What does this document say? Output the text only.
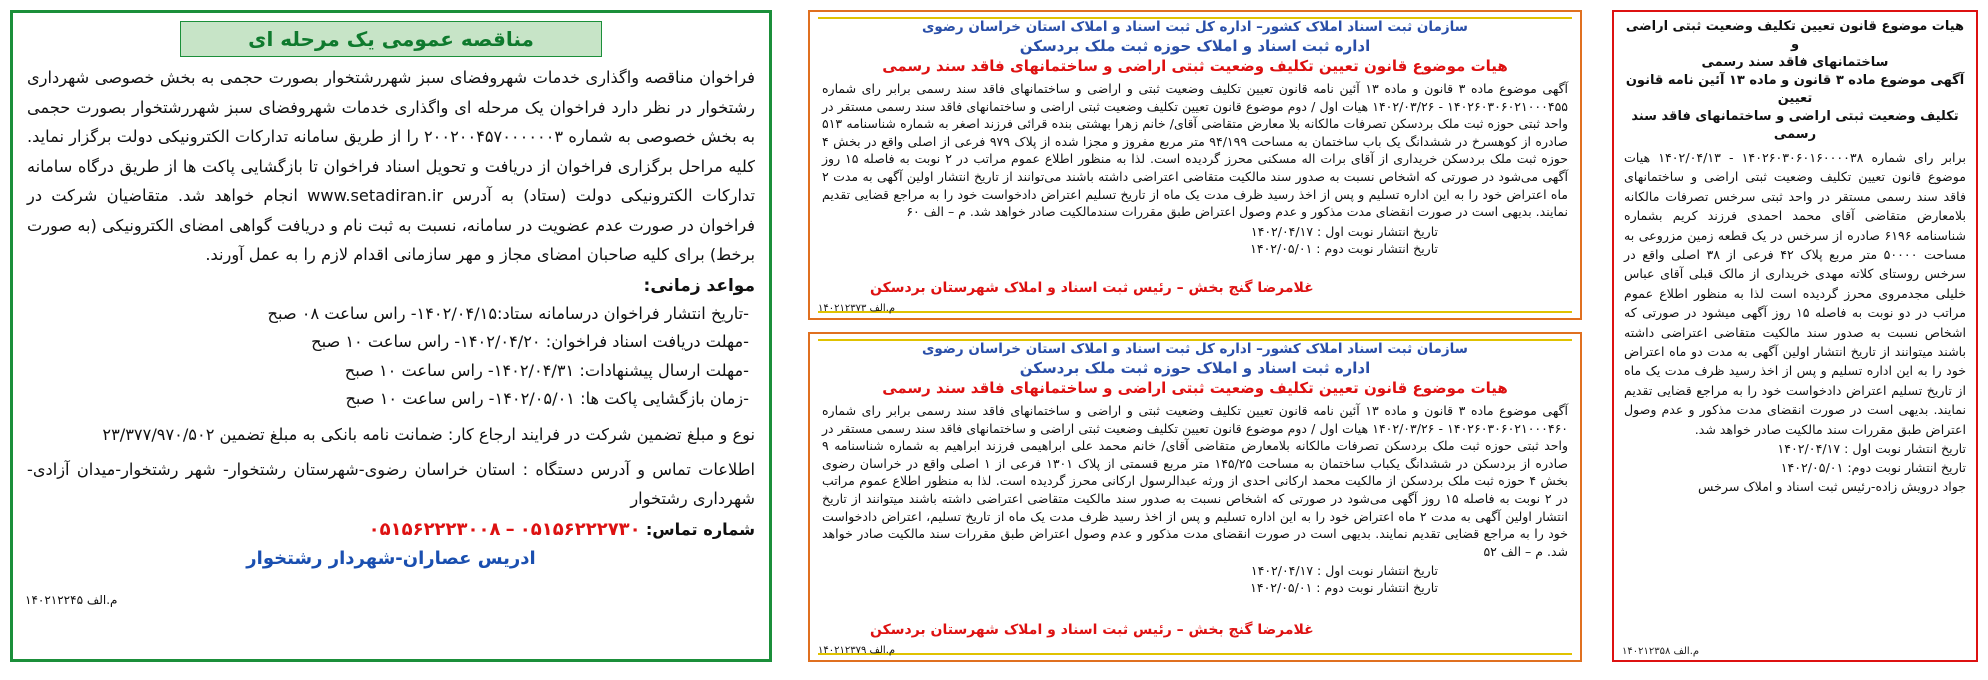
هیات موضوع قانون تعیین تکلیف وضعیت ثبتی اراضی و

ساختمانهای فاقد سند رسمی

آگهی موضوع ماده ۳ قانون و ماده ۱۳ آئین نامه قانون تعیین

تکلیف وضعیت ثبتی اراضی و ساختمانهای فاقد سند رسمی

برابر رای شماره ۱۴۰۲۶۰۳۰۶۰۱۶۰۰۰۰۳۸ - ۱۴۰۲/۰۴/۱۳ هیات موضوع قانون تعیین تکلیف وضعیت ثبتی اراضی و ساختمانهای فاقد سند رسمی مستقر در واحد ثبتی سرخس تصرفات مالکانه بلامعارض متقاضی آقای محمد احمدی فرزند کریم بشماره شناسنامه ۶۱۹۶ صادره از سرخس در یک قطعه زمین مزروعی به مساحت ۵۰۰۰۰ متر مربع پلاک ۴۲ فرعی از ۳۸ اصلی واقع در سرخس روستای کلاته مهدی خریداری از مالک قبلی آقای عباس خلیلی مجدمروی محرز گردیده است لذا به منظور اطلاع عموم مراتب در دو نوبت به فاصله ۱۵ روز آگهی میشود در صورتی که اشخاص نسبت به صدور سند مالکیت متقاضی اعتراضی داشته باشند میتوانند از تاریخ انتشار اولین آگهی به مدت دو ماه اعتراض خود را به این اداره تسلیم و پس از اخذ رسید ظرف مدت یک ماه از تاریخ تسلیم اعتراض دادخواست خود را به مراجع قضایی تقدیم نمایند. بدیهی است در صورت انقضای مدت مذکور و عدم وصول اعتراض طبق مقررات سند مالکیت صادر خواهد شد.

تاریخ انتشار نوبت اول : ۱۴۰۲/۰۴/۱۷

تاریخ انتشار نوبت دوم: ۱۴۰۲/۰۵/۰۱

جواد درویش زاده-رئیس ثبت اسناد و املاک سرخس

۱۴۰۲۱۲۳۵۸ م.الف

سازمان ثبت اسناد املاک کشور– اداره کل ثبت اسناد و املاک استان خراسان رضوی

اداره ثبت اسناد و املاک حوزه ثبت ملک بردسکن

هیات موضوع قانون تعیین تکلیف وضعیت ثبتی اراضی و ساختمانهای فاقد سند رسمی

آگهی موضوع ماده ۳ قانون و ماده ۱۳ آئین نامه قانون تعیین تکلیف وضعیت ثبتی و اراضی و ساختمانهای فاقد سند رسمی برابر رای شماره ۱۴۰۲۶۰۳۰۶۰۲۱۰۰۰۴۵۵ - ۱۴۰۲/۰۳/۲۶ هیات اول / دوم موضوع قانون تعیین تکلیف وضعیت ثبتی اراضی و ساختمانهای فاقد سند رسمی مستقر در واحد ثبتی حوزه ثبت ملک بردسکن تصرفات مالکانه بلا معارض متقاضی آقای/ خانم زهرا بهشتی بنده قرائی فرزند اصغر به شماره شناسنامه ۵۱۳ صادره از کوهسرخ در ششدانگ یک باب ساختمان به مساحت ۹۴/۱۹۹ متر مربع مفروز و مجزا شده از پلاک ۹۷۹ فرعی از اصلی واقع در بخش ۴ حوزه ثبت ملک بردسکن خریداری از آقای برات اله مسکنی محرز گردیده است. لذا به منظور اطلاع عموم مراتب در ۲ نوبت به فاصله ۱۵ روز آگهی می‌شود در صورتی که اشخاص نسبت به صدور سند مالکیت متقاضی اعتراضی داشته باشند می‌توانند از تاریخ انتشار اولین آگهی به مدت ۲ ماه اعتراض خود را به این اداره تسلیم و پس از اخذ رسید ظرف مدت یک ماه از تاریخ تسلیم اعتراض دادخواست خود را به مراجع قضایی تقدیم نمایند. بدیهی است در صورت انقضای مدت مذکور و عدم وصول اعتراض طبق مقررات سندمالکیت صادر خواهد شد. م – الف ۶۰

تاریخ انتشار نوبت اول : ۱۴۰۲/۰۴/۱۷

تاریخ انتشار نوبت دوم : ۱۴۰۲/۰۵/۰۱

غلامرضا گنج بخش – رئیس ثبت اسناد و املاک شهرستان بردسکن
۱۴۰۲۱۲۳۷۳ م.الف

سازمان ثبت اسناد املاک کشور– اداره کل ثبت اسناد و املاک استان خراسان رضوی

اداره ثبت اسناد و املاک حوزه ثبت ملک بردسکن

هیات موضوع قانون تعیین تکلیف وضعیت ثبتی اراضی و ساختمانهای فاقد سند رسمی

آگهی موضوع ماده ۳ قانون و ماده ۱۳ آئین نامه قانون تعیین تکلیف وضعیت ثبتی و اراضی و ساختمانهای فاقد سند رسمی برابر رای شماره ۱۴۰۲۶۰۳۰۶۰۲۱۰۰۰۴۶۰ - ۱۴۰۲/۰۳/۲۶ هیات اول / دوم موضوع قانون تعیین تکلیف وضعیت ثبتی اراضی و ساختمانهای فاقد سند رسمی مستقر در واحد ثبتی حوزه ثبت ملک بردسکن تصرفات مالکانه بلامعارض متقاضی آقای/ خانم محمد علی ابراهیمی فرزند ابراهیم به شماره شناسنامه ۹ صادره از بردسکن در ششدانگ یکباب ساختمان به مساحت ۱۴۵/۲۵ متر مربع قسمتی از پلاک ۱۳۰۱ فرعی از ۱ اصلی واقع در خراسان رضوی بخش ۴ حوزه ثبت ملک بردسکن از مالکیت محمد ارکانی احدی از ورثه عبدالرسول ارکانی محرز گردیده است. لذا به منظور اطلاع عموم مراتب در ۲ نوبت به فاصله ۱۵ روز آگهی می‌شود در صورتی که اشخاص نسبت به صدور سند مالکیت متقاضی اعتراضی داشته باشند میتوانند از تاریخ انتشار اولین آگهی به مدت ۲ ماه اعتراض خود را به این اداره تسلیم و پس از اخذ رسید ظرف مدت یک ماه از تاریخ تسلیم، اعتراض دادخواست خود را به مراجع قضایی تقدیم نمایند. بدیهی است در صورت انقضای مدت مذکور و عدم وصول اعتراض طبق مقررات سند مالکیت صادر خواهد شد. م – الف ۵۲

تاریخ انتشار نوبت اول : ۱۴۰۲/۰۴/۱۷

تاریخ انتشار نوبت دوم : ۱۴۰۲/۰۵/۰۱

غلامرضا گنج بخش – رئیس ثبت اسناد و املاک شهرستان بردسکن
۱۴۰۲۱۲۳۷۹ م.الف
مناقصه عمومی یک مرحله ای

فراخوان مناقصه واگذاری خدمات شهروفضای سبز شهررشتخوار بصورت حجمی به بخش خصوصی شهرداری رشتخوار در نظر دارد فراخوان یک مرحله ای واگذاری خدمات شهروفضای سبز شهررشتخوار بصورت حجمی به بخش خصوصی به شماره ۲۰۰۲۰۰۴۵۷۰۰۰۰۰۰۳ را از طریق سامانه تدارکات الکترونیکی دولت برگزار نماید. کلیه مراحل برگزاری فراخوان از دریافت و تحویل اسناد فراخوان تا بازگشایی پاکت ها از طریق درگاه سامانه تدارکات الکترونیکی دولت (ستاد) به آدرس www.setadiran.ir انجام خواهد شد. متقاضیان شرکت در فراخوان در صورت عدم عضویت در سامانه، نسبت به ثبت نام و دریافت گواهی امضای الکترونیکی (به صورت برخط) برای کلیه صاحبان امضای مجاز و مهر سازمانی اقدام لازم را به عمل آورند.

مواعد زمانی:

-تاریخ انتشار فراخوان درسامانه ستاد:۱۴۰۲/۰۴/۱۵- راس ساعت ۰۸ صبح

-مهلت دریافت اسناد فراخوان: ۱۴۰۲/۰۴/۲۰- راس ساعت ۱۰ صبح

-مهلت ارسال پیشنهادات: ۱۴۰۲/۰۴/۳۱- راس ساعت ۱۰ صبح

-زمان بازگشایی پاکت ها: ۱۴۰۲/۰۵/۰۱- راس ساعت ۱۰ صبح

نوع و مبلغ تضمین شرکت در فرایند ارجاع کار: ضمانت نامه بانکی به مبلغ تضمین ۲۳/۳۷۷/۹۷۰/۵۰۲

اطلاعات تماس و آدرس دستگاه : استان خراسان رضوی-شهرستان رشتخوار- شهر رشتخوار-میدان آزادی-شهرداری رشتخوار

شماره تماس: ۰۵۱۵۶۲۲۲۳۰۰۸ – ۰۵۱۵۶۲۲۲۷۳۰

ادریس عصاران-شهردار رشتخوار
۱۴۰۲۱۲۲۴۵ م.الف
